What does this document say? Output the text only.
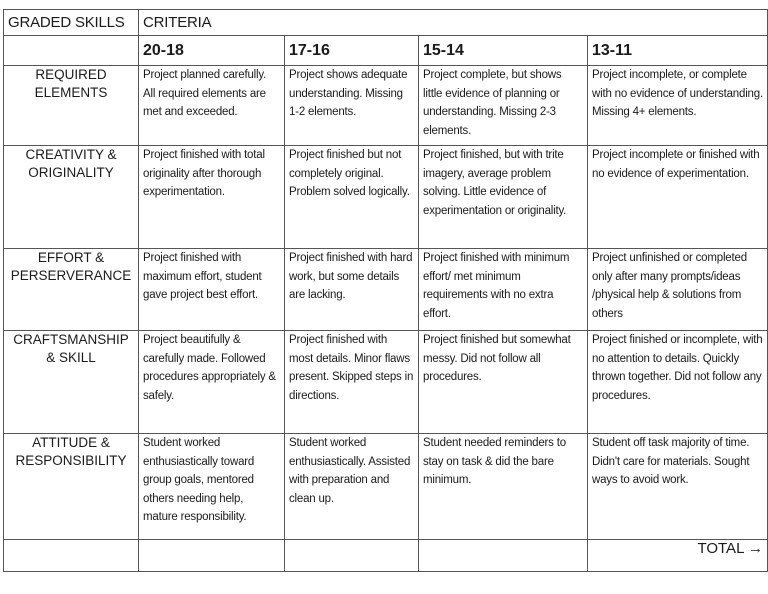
GRADED SKILLS	CRITERIA			
	20-18	17-16	15-14	13-11
REQUIRED ELEMENTS	Project planned carefully. All required elements are met and exceeded.	Project shows adequate understanding. Missing 1-2 elements.	Project complete, but shows little evidence of planning or understanding. Missing 2-3 elements.	Project incomplete, or complete with no evidence of understanding. Missing 4+ elements.
CREATIVITY & ORIGINALITY	Project finished with total originality after thorough experimentation.	Project finished but not completely original. Problem solved logically.	Project finished, but with trite imagery, average problem solving. Little evidence of experimentation or originality.	Project incomplete or finished with no evidence of experimentation.
EFFORT & PERSERVERANCE	Project finished with maximum effort, student gave project best effort.	Project finished with hard work, but some details are lacking.	Project finished with minimum effort/ met minimum requirements with no extra effort.	Project unfinished or completed only after many prompts/ideas /physical help & solutions from others
CRAFTSMANSHIP & SKILL	Project beautifully & carefully made. Followed procedures appropriately & safely.	Project finished with most details. Minor flaws present. Skipped steps in directions.	Project finished but somewhat messy. Did not follow all procedures.	Project finished or incomplete, with no attention to details. Quickly thrown together. Did not follow any procedures.
ATTITUDE & RESPONSIBILITY	Student worked enthusiastically toward group goals, mentored others needing help, mature responsibility.	Student worked enthusiastically. Assisted with preparation and clean up.	Student needed reminders to stay on task & did the bare minimum.	Student off task majority of time. Didn't care for materials. Sought ways to avoid work.
				TOTAL →
